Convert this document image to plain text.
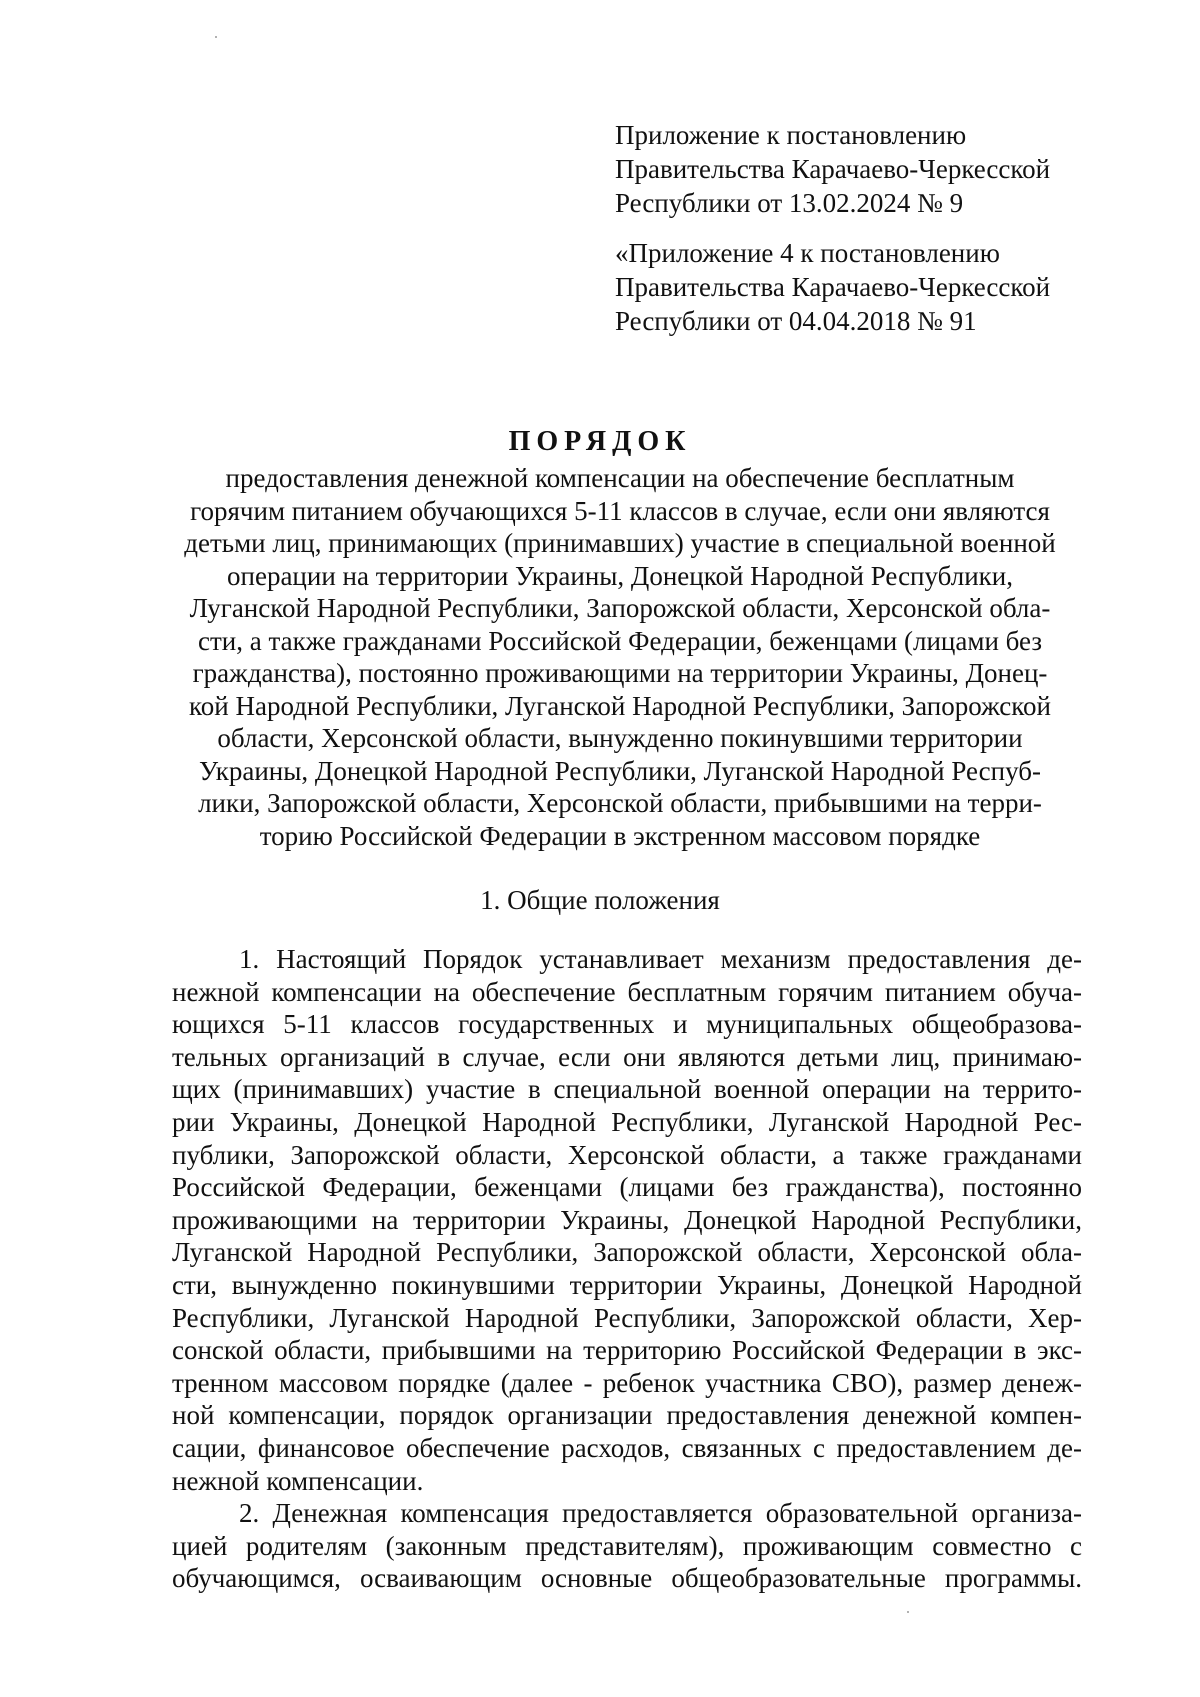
Приложение к постановлению
Правительства Карачаево-Черкесской
Республики от 13.02.2024 № 9
«Приложение 4 к постановлению
Правительства Карачаево-Черкесской
Республики от 04.04.2018 № 91
ПОРЯДОК
предоставления денежной компенсации на обеспечение бесплатным
горячим питанием обучающихся 5-11 классов в случае, если они являются
детьми лиц, принимающих (принимавших) участие в специальной военной
операции на территории Украины, Донецкой Народной Республики,
Луганской Народной Республики, Запорожской области, Херсонской обла-
сти, а также гражданами Российской Федерации, беженцами (лицами без
гражданства), постоянно проживающими на территории Украины, Донец-
кой Народной Республики, Луганской Народной Республики, Запорожской
области, Херсонской области, вынужденно покинувшими территории
Украины, Донецкой Народной Республики, Луганской Народной Респуб-
лики, Запорожской области, Херсонской области, прибывшими на терри-
торию Российской Федерации в экстренном массовом порядке
1. Общие положения
1. Настоящий Порядок устанавливает механизм предоставления де-
нежной компенсации на обеспечение бесплатным горячим питанием обуча-
ющихся 5-11 классов государственных и муниципальных общеобразова-
тельных организаций в случае, если они являются детьми лиц, принимаю-
щих (принимавших) участие в специальной военной операции на террито-
рии Украины, Донецкой Народной Республики, Луганской Народной Рес-
публики, Запорожской области, Херсонской области, а также гражданами
Российской Федерации, беженцами (лицами без гражданства), постоянно
проживающими на территории Украины, Донецкой Народной Республики,
Луганской Народной Республики, Запорожской области, Херсонской обла-
сти, вынужденно покинувшими территории Украины, Донецкой Народной
Республики, Луганской Народной Республики, Запорожской области, Хер-
сонской области, прибывшими на территорию Российской Федерации в экс-
тренном массовом порядке (далее - ребенок участника СВО), размер денеж-
ной компенсации, порядок организации предоставления денежной компен-
сации, финансовое обеспечение расходов, связанных с предоставлением де-
нежной компенсации.
2. Денежная компенсация предоставляется образовательной организа-
цией родителям (законным представителям), проживающим совместно с
обучающимся, осваивающим основные общеобразовательные программы.
